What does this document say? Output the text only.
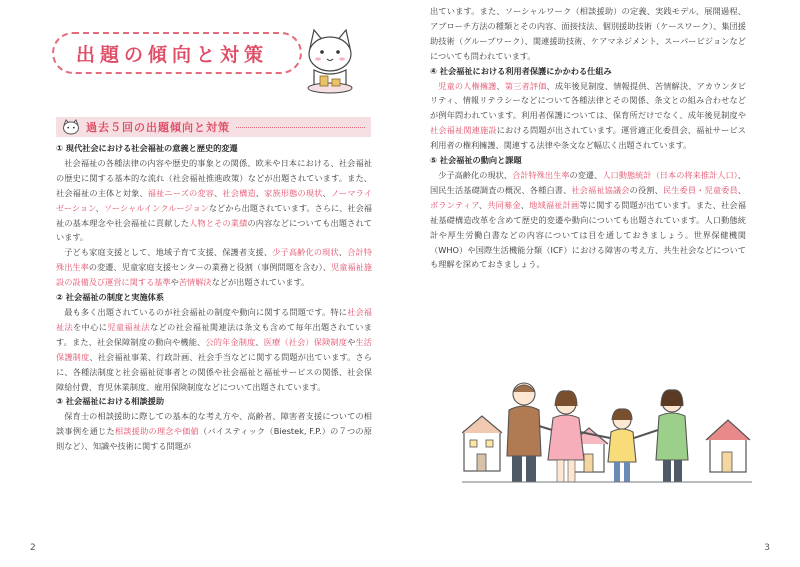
出題の傾向と対策
過去５回の出題傾向と対策
① 現代社会における社会福祉の意義と歴史的変遷
社会福祉の各種法律の内容や歴史的事象との関係、欧米や日本における、社会福祉の歴史に関する基本的な流れ（社会福祉推進政策）などが出題されています。また、社会福祉の主体と対象、福祉ニーズの変容、社会構造、家族形態の現状、ノーマライゼーション、ソーシャルインクルージョンなどから出題されています。さらに、社会福祉の基本理念や社会福祉に貢献した人物とその業績の内容などについても出題されています。
子ども家庭支援として、地域子育て支援、保護者支援、少子高齢化の現状、合計特殊出生率の変遷、児童家庭支援センターの業務と役割（事例問題を含む）、児童福祉施設の設備及び運営に関する基準や苦情解決などが出題されています。
② 社会福祉の制度と実施体系
最も多く出題されているのが社会福祉の制度や動向に関する問題です。特に社会福祉法を中心に児童福祉法などの社会福祉関連法は条文も含めて毎年出題されています。また、社会保障制度の動向や機能、公的年金制度、医療（社会）保険制度や生活保護制度、社会福祉事業、行政計画、社会手当などに関する問題が出ています。さらに、各種法制度と社会福祉従事者との関係や社会福祉と福祉サービスの関係、社会保障給付費、育児休業制度、雇用保険制度などについて出題されています。
③ 社会福祉における相談援助
保育士の相談援助に際しての基本的な考え方や、高齢者、障害者支援についての相談事例を通じた相談援助の理念や価値（バイスティック（Biestek, F.P.）の７つの原則など）、知識や技術に関する問題が
2
出ています。また、ソーシャルワーク（相談援助）の定義、実践モデル、展開過程、アプローチ方法の種類とその内容、面接技法、個別援助技術（ケースワーク）、集団援助技術（グループワーク）、関連援助技術、ケアマネジメント、スーパービジョンなどについても問われています。
④ 社会福祉における利用者保護にかかわる仕組み
児童の人権擁護、第三者評価、成年後見制度、情報提供、苦情解決、アカウンタビリティ、情報リテラシーなどについて各種法律とその関係、条文との組み合わせなどが例年問われています。利用者保護については、保育所だけでなく、成年後見制度や社会福祉関連施設における問題が出されています。運営適正化委員会、福祉サービス利用者の権利擁護、関連する法律や条文など幅広く出題されています。
⑤ 社会福祉の動向と課題
少子高齢化の現状、合計特殊出生率の変遷、人口動態統計（日本の将来推計人口）、国民生活基礎調査の概況、各種白書、社会福祉協議会の役割、民生委員・児童委員、ボランティア、共同募金、地域福祉計画等に関する問題が出ています。また、社会福祉基礎構造改革を含めて歴史的変遷や動向についても出題されています。人口動態統計や厚生労働白書などの内容については目を通しておきましょう。世界保健機関（WHO）や国際生活機能分類（ICF）における障害の考え方、共生社会などについても理解を深めておきましょう。
3
